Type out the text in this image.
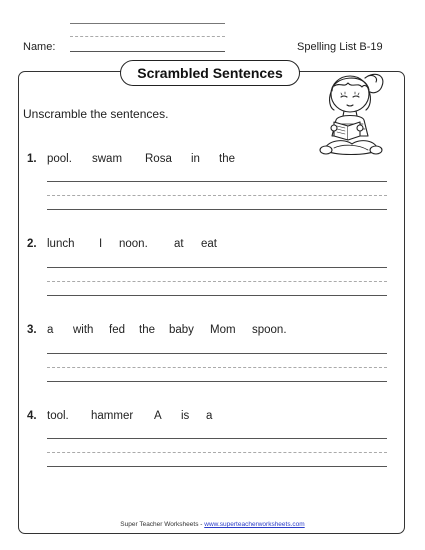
Name:	Spelling List B-19
Scrambled Sentences
Unscramble the sentences.
1. pool.	swam	Rosa	in	the
2. lunch	I	noon.	at	eat
3. a	with	fed	the	baby	Mom	spoon.
4. tool.	hammer	A	is	a
Super Teacher Worksheets - www.superteacherworksheets.com
